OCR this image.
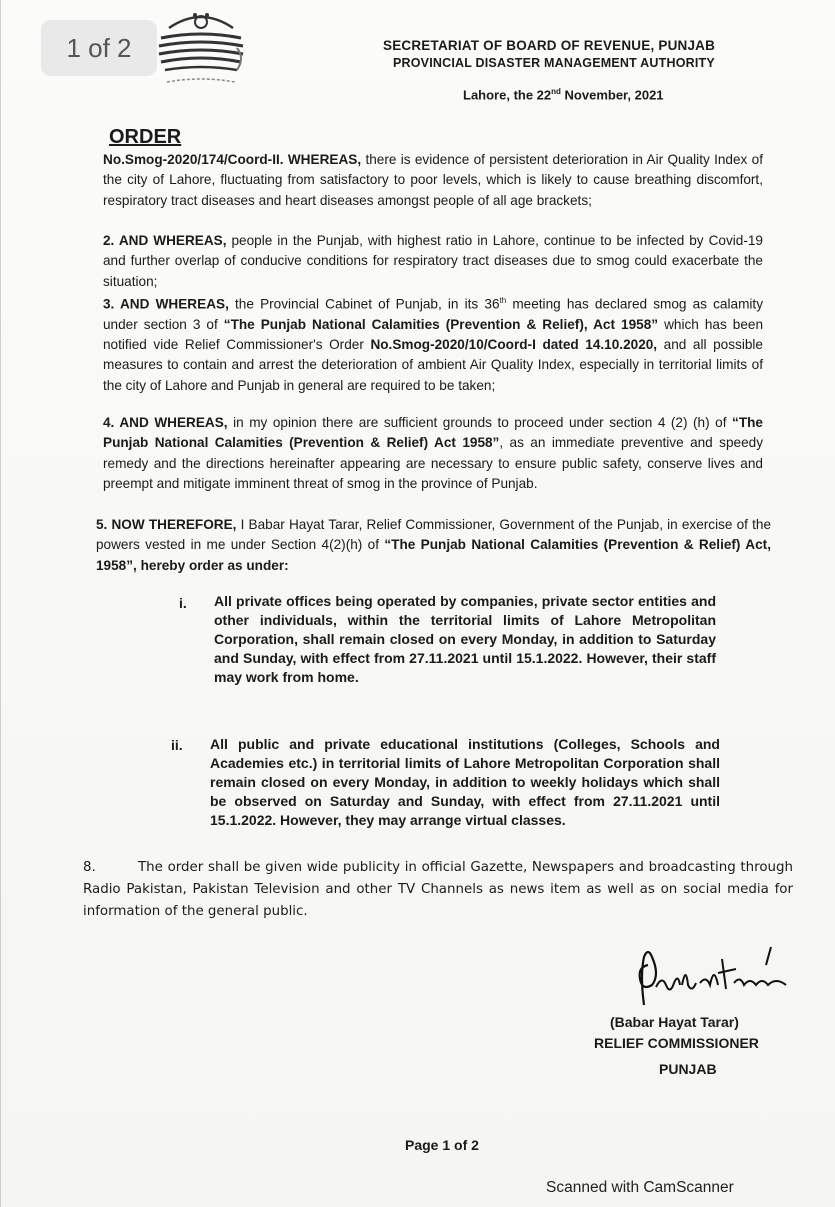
1 of 2	SECRETARIAT OF BOARD OF REVENUE, PUNJAB
PROVINCIAL DISASTER MANAGEMENT AUTHORITY
Lahore, the 22nd November, 2021
ORDER
No.Smog-2020/174/Coord-II. WHEREAS, there is evidence of persistent deterioration in Air Quality Index of the city of Lahore, fluctuating from satisfactory to poor levels, which is likely to cause breathing discomfort, respiratory tract diseases and heart diseases amongst people of all age brackets;
2. AND WHEREAS, people in the Punjab, with highest ratio in Lahore, continue to be infected by Covid-19 and further overlap of conducive conditions for respiratory tract diseases due to smog could exacerbate the situation;
3. AND WHEREAS, the Provincial Cabinet of Punjab, in its 36th meeting has declared smog as calamity under section 3 of “The Punjab National Calamities (Prevention & Relief), Act 1958” which has been notified vide Relief Commissioner's Order No.Smog-2020/10/Coord-I dated 14.10.2020, and all possible measures to contain and arrest the deterioration of ambient Air Quality Index, especially in territorial limits of the city of Lahore and Punjab in general are required to be taken;
4. AND WHEREAS, in my opinion there are sufficient grounds to proceed under section 4 (2) (h) of “The Punjab National Calamities (Prevention & Relief) Act 1958”, as an immediate preventive and speedy remedy and the directions hereinafter appearing are necessary to ensure public safety, conserve lives and preempt and mitigate imminent threat of smog in the province of Punjab.
5. NOW THEREFORE, I Babar Hayat Tarar, Relief Commissioner, Government of the Punjab, in exercise of the powers vested in me under Section 4(2)(h) of “The Punjab National Calamities (Prevention & Relief) Act, 1958”, hereby order as under:
i. All private offices being operated by companies, private sector entities and other individuals, within the territorial limits of Lahore Metropolitan Corporation, shall remain closed on every Monday, in addition to Saturday and Sunday, with effect from 27.11.2021 until 15.1.2022. However, their staff may work from home.
ii. All public and private educational institutions (Colleges, Schools and Academies etc.) in territorial limits of Lahore Metropolitan Corporation shall remain closed on every Monday, in addition to weekly holidays which shall be observed on Saturday and Sunday, with effect from 27.11.2021 until 15.1.2022. However, they may arrange virtual classes.
8.	The order shall be given wide publicity in official Gazette, Newspapers and broadcasting through Radio Pakistan, Pakistan Television and other TV Channels as news item as well as on social media for information of the general public.
(Babar Hayat Tarar)
RELIEF COMMISSIONER
PUNJAB
Page 1 of 2
Scanned with CamScanner
